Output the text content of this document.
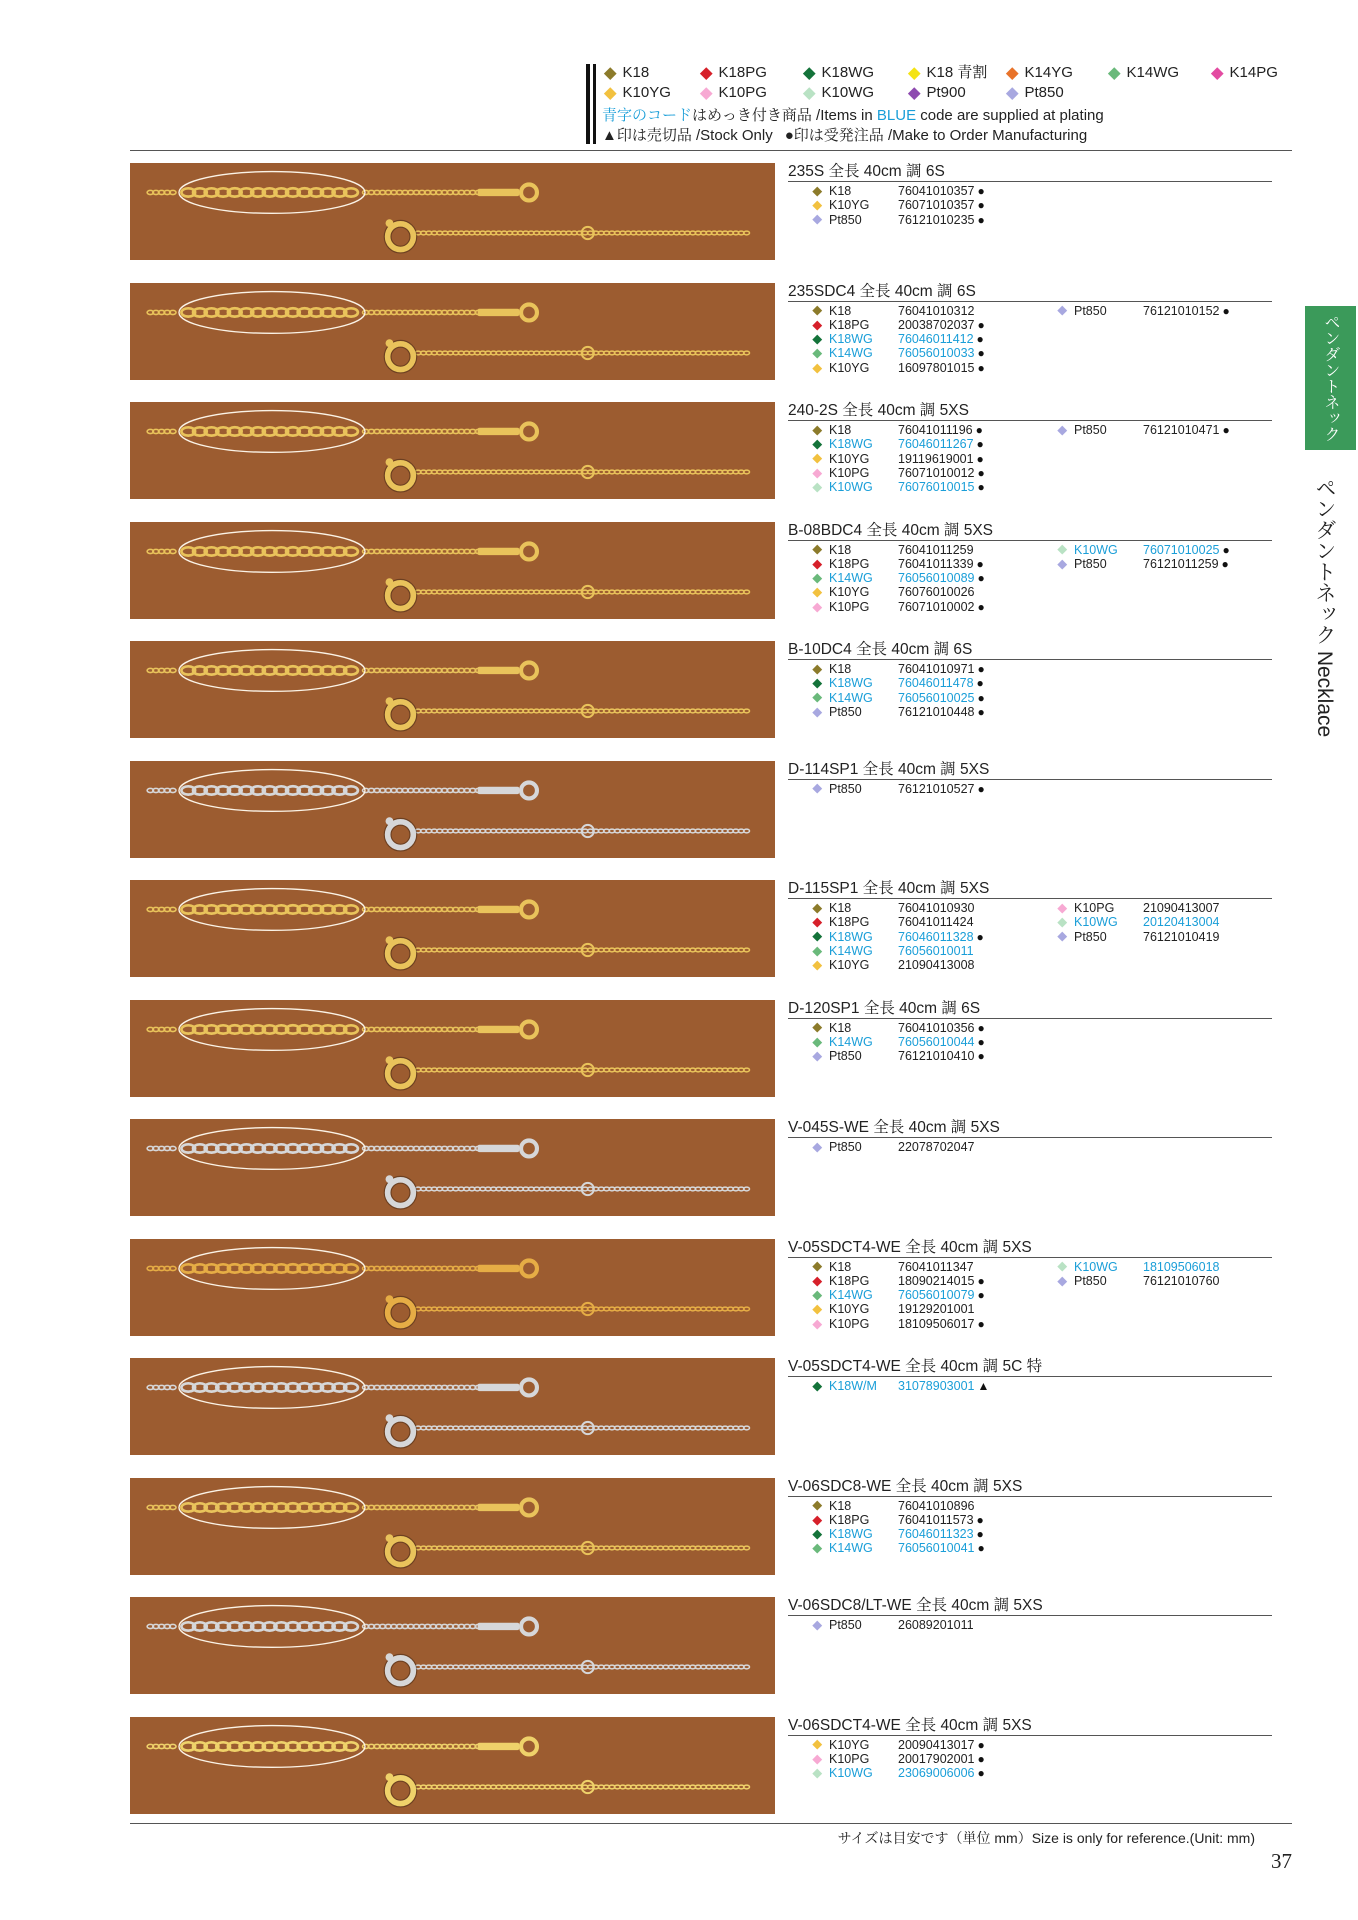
K18	K18PG	K18WG	K18 青割	K14YG	K14WG	K14PG
K10YG	K10PG	K10WG	Pt900	Pt850
青字のコードはめっき付き商品 /Items in BLUE code are supplied at plating
▲印は売切品 /Stock Only ●印は受発注品 /Make to Order Manufacturing
235S 全長 40cm 調 6S
K18	76041010357 ●
K10YG 76071010357 ●
Pt850	76121010235 ●
235SDC4 全長 40cm 調 6S
K18	76041010312
K18PG 20038702037 ●
K18WG 76046011412 ●
K14WG 76056010033 ●
K10YG 16097801015 ●
Pt850	76121010152 ●
240-2S 全長 40cm 調 5XS
K18	76041011196 ●
K18WG 76046011267 ●
K10YG 19119619001 ●
K10PG 76071010012 ●
K10WG 76076010015 ●
Pt850	76121010471 ●
B-08BDC4 全長 40cm 調 5XS
K18	76041011259
K18PG 76041011339 ●
K14WG 76056010089 ●
K10YG 76076010026
K10PG 76071010002 ●
K10WG 76071010025 ●
Pt850	76121011259 ●
B-10DC4 全長 40cm 調 6S
K18	76041010971 ●
K18WG 76046011478 ●
K14WG 76056010025 ●
Pt850	76121010448 ●
D-114SP1 全長 40cm 調 5XS
Pt850	76121010527 ●
D-115SP1 全長 40cm 調 5XS
K18	76041010930
K18PG 76041011424
K18WG 76046011328 ●
K14WG 76056010011
K10YG 21090413008
K10PG 21090413007
K10WG 20120413004
Pt850	76121010419
D-120SP1 全長 40cm 調 6S
K18	76041010356 ●
K14WG 76056010044 ●
Pt850	76121010410 ●
V-045S-WE 全長 40cm 調 5XS
Pt850	22078702047
V-05SDCT4-WE 全長 40cm 調 5XS
K18	76041011347
K18PG 18090214015 ●
K14WG 76056010079 ●
K10YG 19129201001
K10PG 18109506017 ●
K10WG 18109506018
Pt850	76121010760
V-05SDCT4-WE 全長 40cm 調 5C 特
K18W/M 31078903001 ▲
V-06SDC8-WE 全長 40cm 調 5XS
K18	76041010896
K18PG 76041011573 ●
K18WG 76046011323 ●
K14WG 76056010041 ●
V-06SDC8/LT-WE 全長 40cm 調 5XS
Pt850	26089201011
V-06SDCT4-WE 全長 40cm 調 5XS
K10YG 20090413017 ●
K10PG 20017902001 ●
K10WG 23069006006 ●
ペンダントネック
ペンダントネック Necklace
サイズは目安です（単位 mm）Size is only for reference.(Unit: mm)
37
